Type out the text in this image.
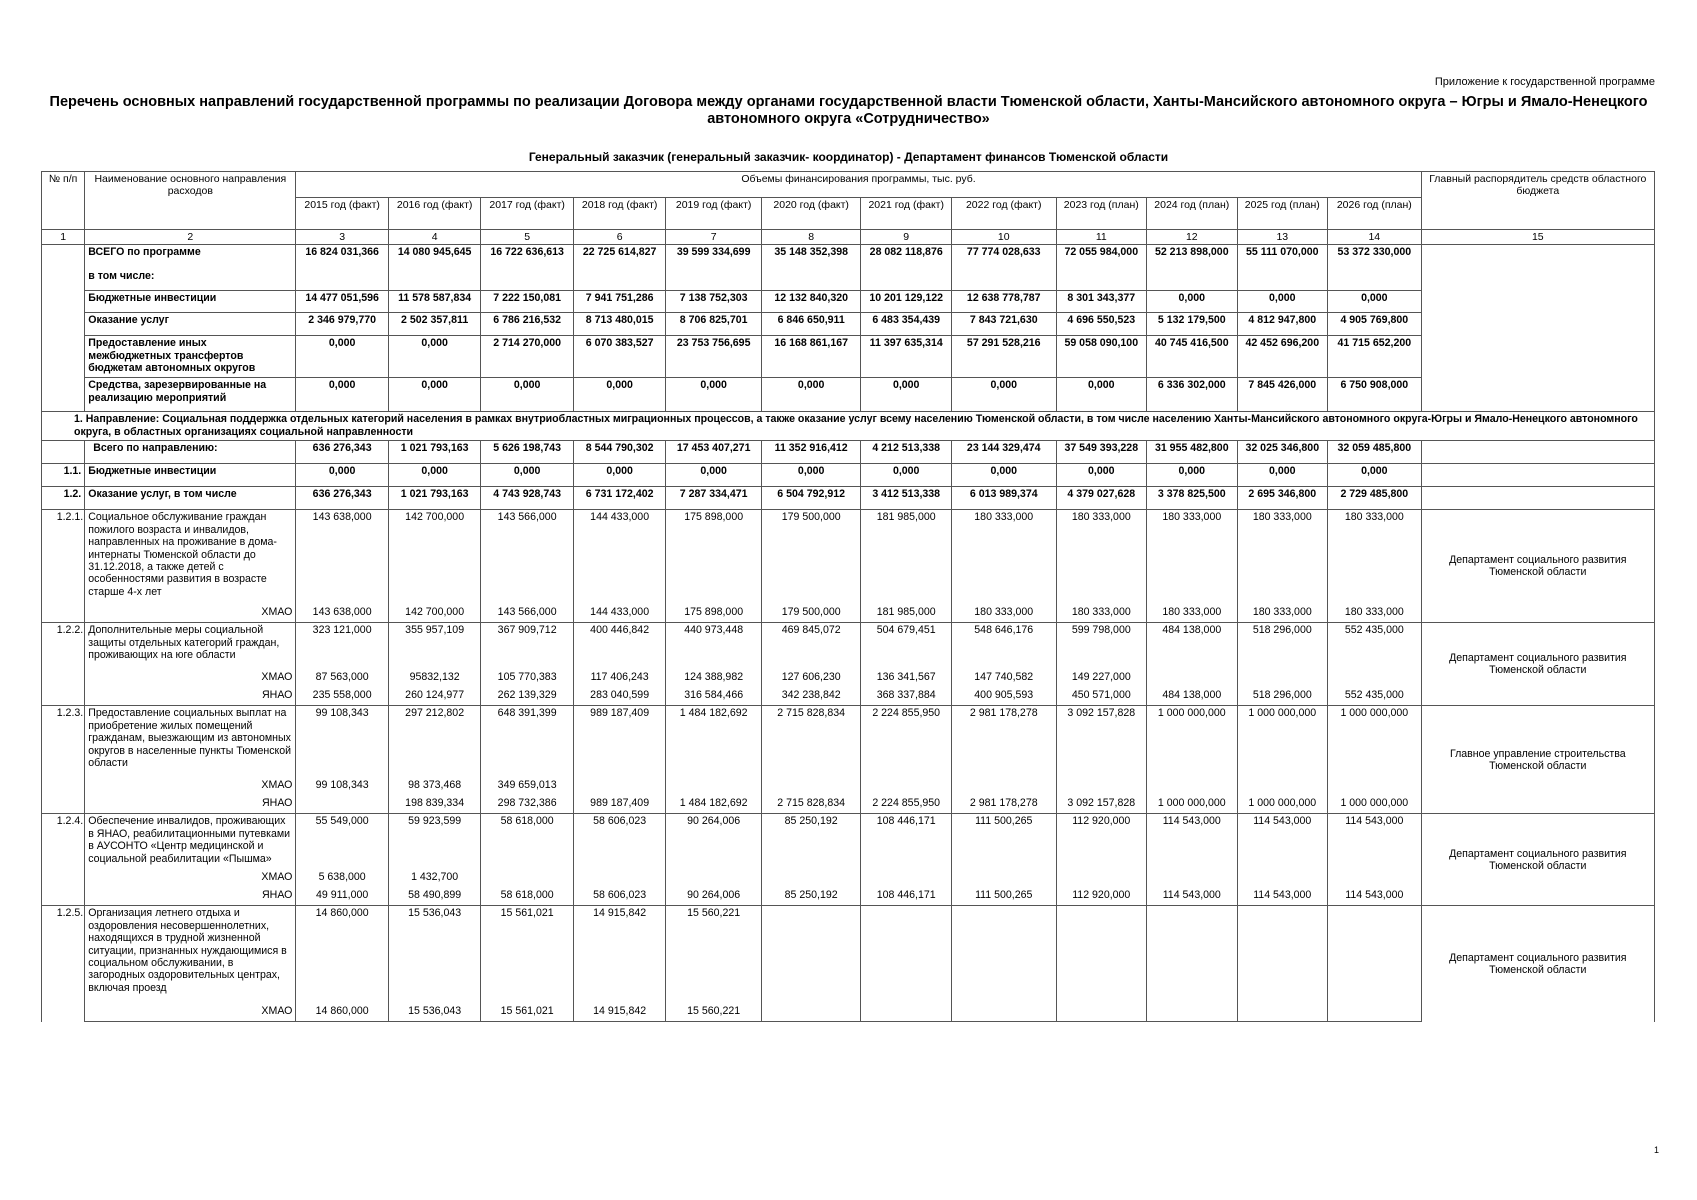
Приложение к государственной программе
Перечень основных направлений государственной программы по реализации Договора между органами государственной власти Тюменской области, Ханты-Мансийского автономного округа – Югры и Ямало-Ненецкого автономного округа «Сотрудничество»
Генеральный заказчик (генеральный заказчик- координатор) - Департамент финансов Тюменской области
№ п/п	Наименование основного направления расходов	Объемы финансирования программы, тыс. руб.												Главный распорядитель средств областного бюджета
		2015 год (факт)	2016 год (факт)	2017 год (факт)	2018 год (факт)	2019 год (факт)	2020 год (факт)	2021 год (факт)	2022 год (факт)	2023 год (план)	2024 год (план)	2025 год (план)	2026 год (план)	
1	2	3	4	5	6	7	8	9	10	11	12	13	14	15
	ВСЕГО по программе	16 824 031,366	14 080 945,645	16 722 636,613	22 725 614,827	39 599 334,699	35 148 352,398	28 082 118,876	77 774 028,633	72 055 984,000	52 213 898,000	55 111 070,000	53 372 330,000	
	в том числе:													
	Бюджетные инвестиции	14 477 051,596	11 578 587,834	7 222 150,081	7 941 751,286	7 138 752,303	12 132 840,320	10 201 129,122	12 638 778,787	8 301 343,377	0,000	0,000	0,000	
	Оказание услуг	2 346 979,770	2 502 357,811	6 786 216,532	8 713 480,015	8 706 825,701	6 846 650,911	6 483 354,439	7 843 721,630	4 696 550,523	5 132 179,500	4 812 947,800	4 905 769,800	
	Предоставление иных межбюджетных трансфертов бюджетам автономных округов	0,000	0,000	2 714 270,000	6 070 383,527	23 753 756,695	16 168 861,167	11 397 635,314	57 291 528,216	59 058 090,100	40 745 416,500	42 452 696,200	41 715 652,200	
	Средства, зарезервированные на реализацию мероприятий	0,000	0,000	0,000	0,000	0,000	0,000	0,000	0,000	0,000	6 336 302,000	7 845 426,000	6 750 908,000	
1. Направление: Социальная поддержка отдельных категорий населения в рамках внутриобластных миграционных процессов, а также оказание услуг всему населению Тюменской области, в том числе населению Ханты-Мансийского автономного округа-Югры и Ямало-Ненецкого автономного округа, в областных организациях социальной направленности														
	Всего по направлению:	636 276,343	1 021 793,163	5 626 198,743	8 544 790,302	17 453 407,271	11 352 916,412	4 212 513,338	23 144 329,474	37 549 393,228	31 955 482,800	32 025 346,800	32 059 485,800	
1.1.	Бюджетные инвестиции	0,000	0,000	0,000	0,000	0,000	0,000	0,000	0,000	0,000	0,000	0,000	0,000	
1.2.	Оказание услуг, в том числе	636 276,343	1 021 793,163	4 743 928,743	6 731 172,402	7 287 334,471	6 504 792,912	3 412 513,338	6 013 989,374	4 379 027,628	3 378 825,500	2 695 346,800	2 729 485,800	
1.2.1.	Социальное обслуживание граждан пожилого возраста и инвалидов, направленных на проживание в дома-интернаты Тюменской области до 31.12.2018, а также детей с особенностями развития в возрасте старше 4-х лет	143 638,000	142 700,000	143 566,000	144 433,000	175 898,000	179 500,000	181 985,000	180 333,000	180 333,000	180 333,000	180 333,000	180 333,000	Департамент социального развития Тюменской области
	ХМАО	143 638,000	142 700,000	143 566,000	144 433,000	175 898,000	179 500,000	181 985,000	180 333,000	180 333,000	180 333,000	180 333,000	180 333,000	
1.2.2.	Дополнительные меры социальной защиты отдельных категорий граждан, проживающих на юге области	323 121,000	355 957,109	367 909,712	400 446,842	440 973,448	469 845,072	504 679,451	548 646,176	599 798,000	484 138,000	518 296,000	552 435,000	Департамент социального развития Тюменской области
	ХМАО	87 563,000	95832,132	105 770,383	117 406,243	124 388,982	127 606,230	136 341,567	147 740,582	149 227,000				
	ЯНАО	235 558,000	260 124,977	262 139,329	283 040,599	316 584,466	342 238,842	368 337,884	400 905,593	450 571,000	484 138,000	518 296,000	552 435,000	
1.2.3.	Предоставление социальных выплат на приобретение жилых помещений гражданам, выезжающим из автономных округов в населенные пункты Тюменской области	99 108,343	297 212,802	648 391,399	989 187,409	1 484 182,692	2 715 828,834	2 224 855,950	2 981 178,278	3 092 157,828	1 000 000,000	1 000 000,000	1 000 000,000	Главное управление строительства Тюменской области
	ХМАО	99 108,343	98 373,468	349 659,013										
	ЯНАО		198 839,334	298 732,386	989 187,409	1 484 182,692	2 715 828,834	2 224 855,950	2 981 178,278	3 092 157,828	1 000 000,000	1 000 000,000	1 000 000,000	
1.2.4.	Обеспечение инвалидов, проживающих в ЯНАО, реабилитационными путевками в АУСОНТО «Центр медицинской и социальной реабилитации «Пышма»	55 549,000	59 923,599	58 618,000	58 606,023	90 264,006	85 250,192	108 446,171	111 500,265	112 920,000	114 543,000	114 543,000	114 543,000	Департамент социального развития Тюменской области
	ХМАО	5 638,000	1 432,700											
	ЯНАО	49 911,000	58 490,899	58 618,000	58 606,023	90 264,006	85 250,192	108 446,171	111 500,265	112 920,000	114 543,000	114 543,000	114 543,000	
1.2.5.	Организация летнего отдыха и оздоровления несовершеннолетних, находящихся в трудной жизненной ситуации, признанных нуждающимися в социальном обслуживании, в загородных оздоровительных центрах, включая проезд	14 860,000	15 536,043	15 561,021	14 915,842	15 560,221								Департамент социального развития Тюменской области
	ХМАО	14 860,000	15 536,043	15 561,021	14 915,842	15 560,221								
1
